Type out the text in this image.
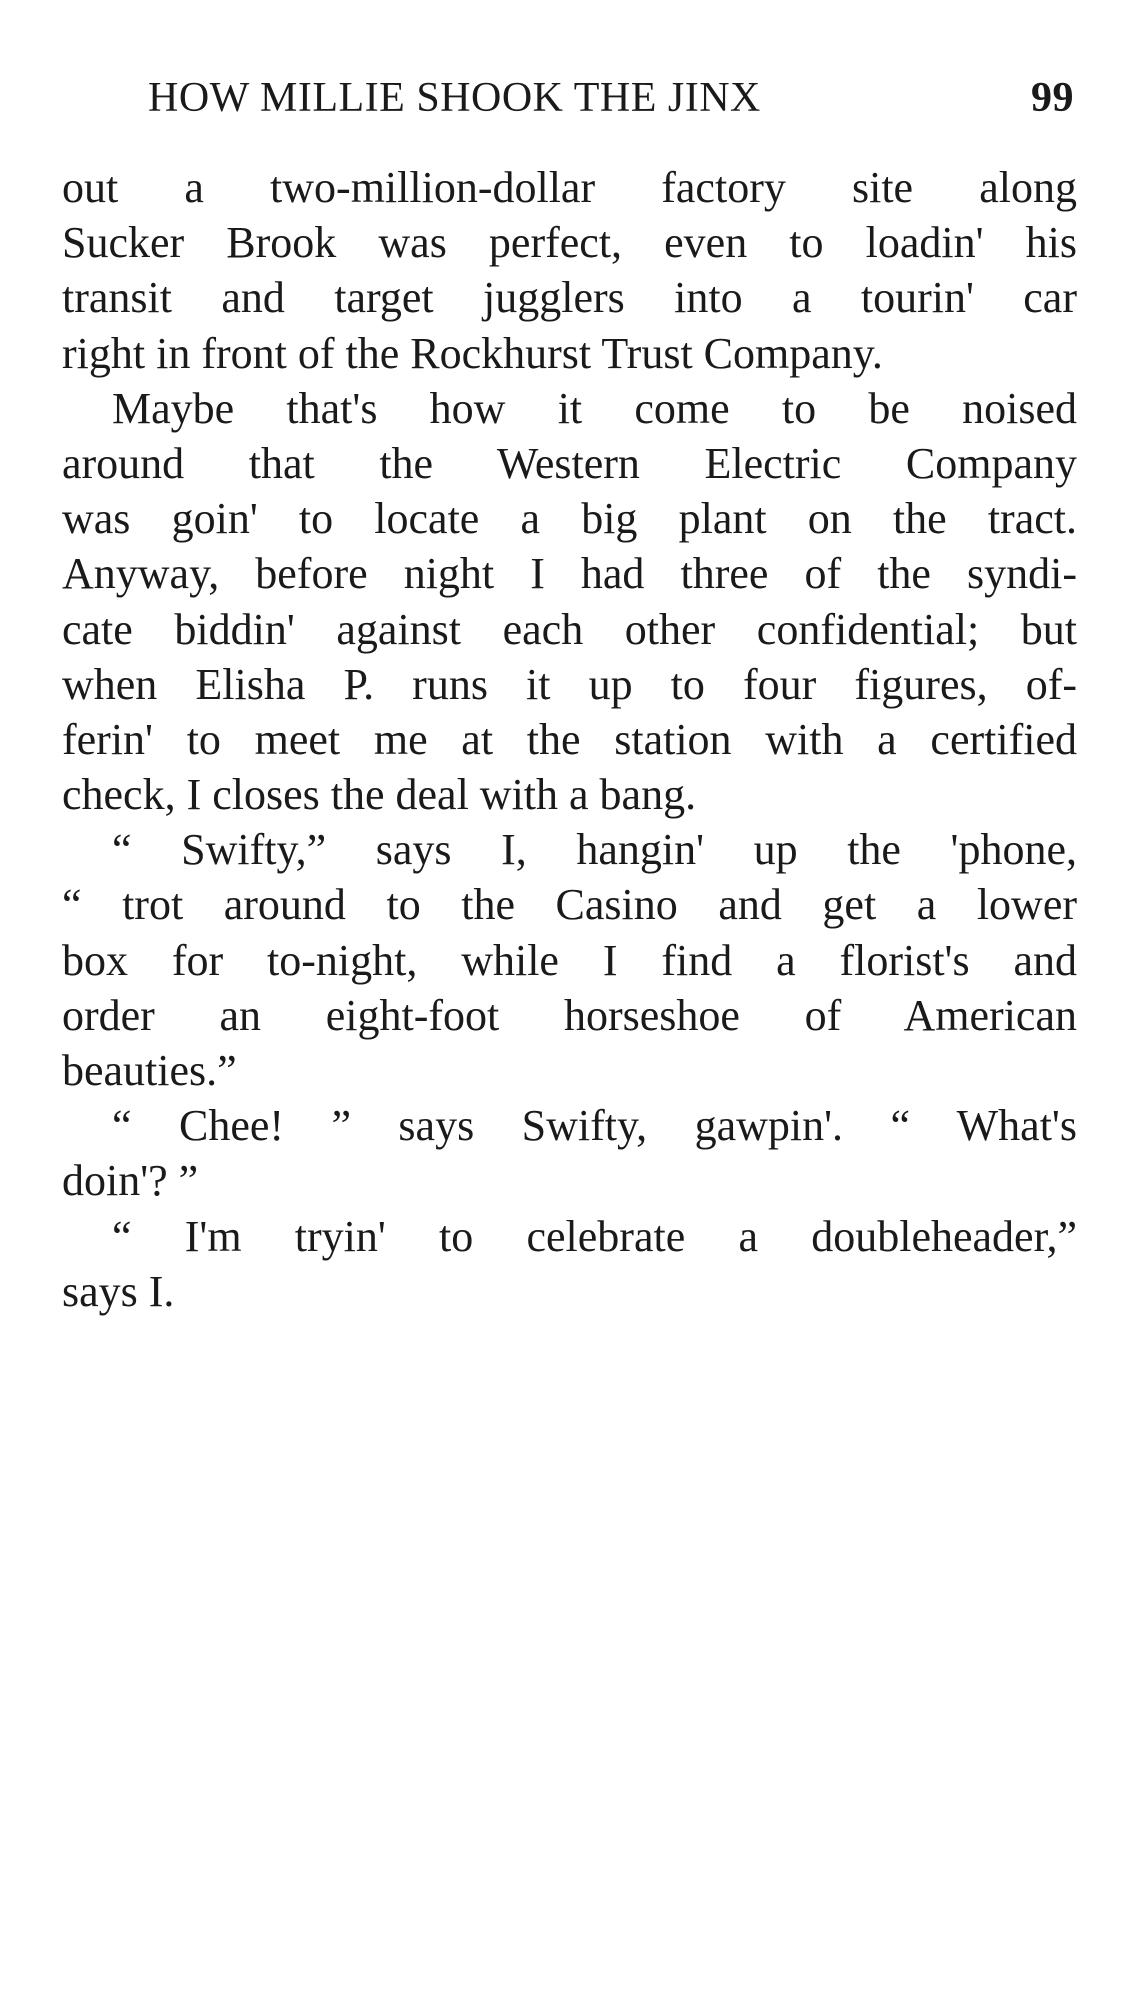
HOW MILLIE SHOOK THE JINX	99
out a two-million-dollar factory site along
Sucker Brook was perfect, even to loadin' his
transit and target jugglers into a tourin' car
right in front of the Rockhurst Trust Company.
Maybe that's how it come to be noised
around that the Western Electric Company
was goin' to locate a big plant on the tract.
Anyway, before night I had three of the syndi-
cate biddin' against each other confidential; but
when Elisha P. runs it up to four figures, of-
ferin' to meet me at the station with a certified
check, I closes the deal with a bang.
“ Swifty,” says I, hangin' up the 'phone,
“ trot around to the Casino and get a lower
box for to-night, while I find a florist's and
order an eight-foot horseshoe of American
beauties.”
“ Chee! ” says Swifty, gawpin'. “ What's
doin'? ”
“ I'm tryin' to celebrate a doubleheader,”
says I.
